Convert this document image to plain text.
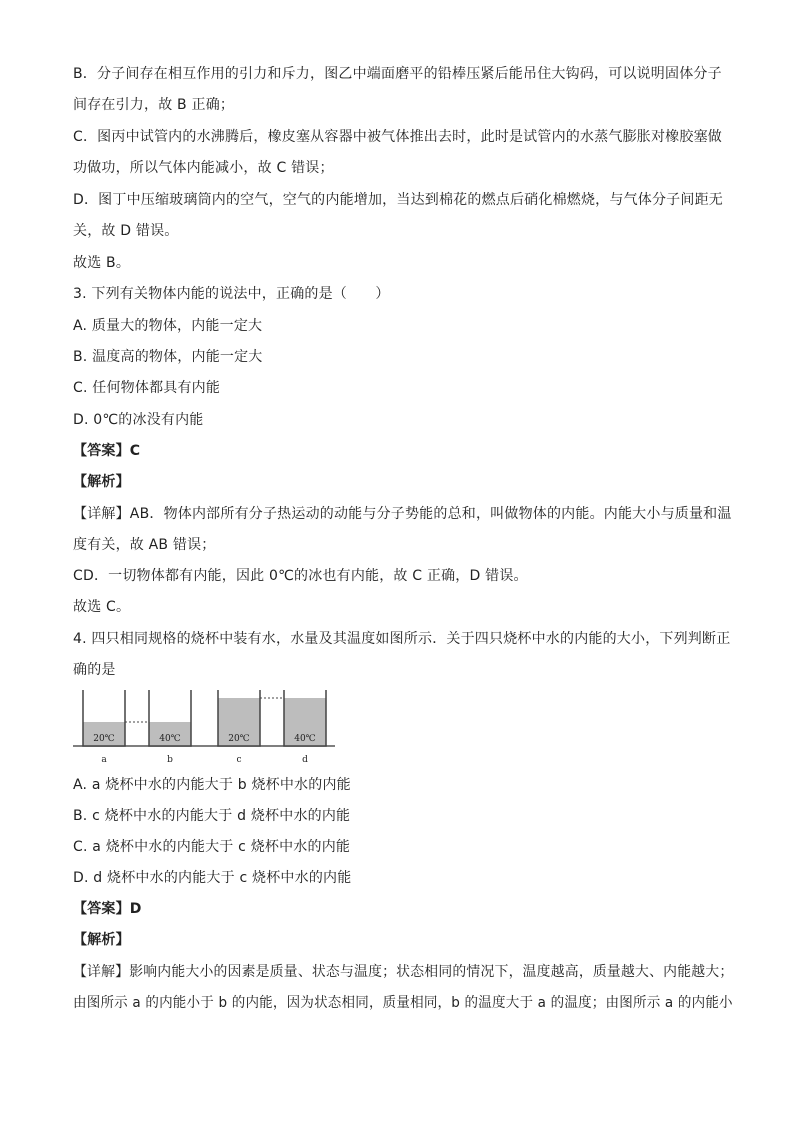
B．分子间存在相互作用的引力和斥力，图乙中端面磨平的铅棒压紧后能吊住大钩码，可以说明固体分子
间存在引力，故 B 正确；
C．图丙中试管内的水沸腾后，橡皮塞从容器中被气体推出去时，此时是试管内的水蒸气膨胀对橡胶塞做
功做功，所以气体内能减小，故 C 错误；
D．图丁中压缩玻璃筒内的空气，空气的内能增加，当达到棉花的燃点后硝化棉燃烧，与气体分子间距无
关，故 D 错误。
故选 B。
3. 下列有关物体内能的说法中，正确的是（　　）
A. 质量大的物体，内能一定大
B. 温度高的物体，内能一定大
C. 任何物体都具有内能
D. 0℃的冰没有内能
【答案】C
【解析】
【详解】AB．物体内部所有分子热运动的动能与分子势能的总和，叫做物体的内能。内能大小与质量和温
度有关，故 AB 错误；
CD．一切物体都有内能，因此 0℃的冰也有内能，故 C 正确，D 错误。
故选 C。
4. 四只相同规格的烧杯中装有水，水量及其温度如图所示．关于四只烧杯中水的内能的大小，下列判断正
确的是
20℃
a
40℃
b
20℃
c
40℃
d
A. a 烧杯中水的内能大于 b 烧杯中水的内能
B. c 烧杯中水的内能大于 d 烧杯中水的内能
C. a 烧杯中水的内能大于 c 烧杯中水的内能
D. d 烧杯中水的内能大于 c 烧杯中水的内能
【答案】D
【解析】
【详解】影响内能大小的因素是质量、状态与温度；状态相同的情况下，温度越高，质量越大、内能越大；
由图所示 a 的内能小于 b 的内能，因为状态相同，质量相同，b 的温度大于 a 的温度；由图所示 a 的内能小
